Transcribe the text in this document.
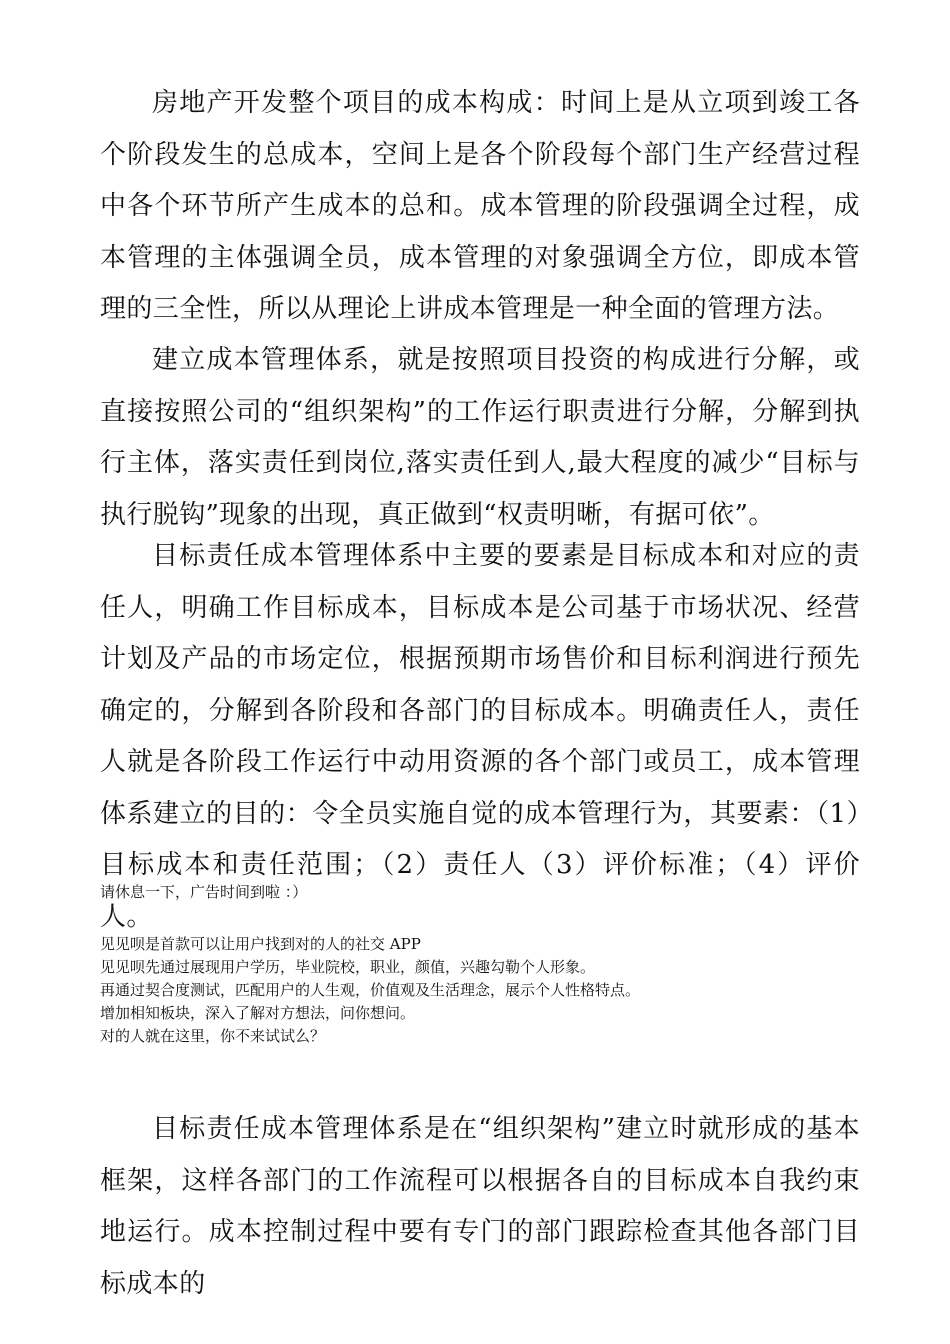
房地产开发整个项目的成本构成：时间上是从立项到竣工各个阶段发生的总成本，空间上是各个阶段每个部门生产经营过程中各个环节所产生成本的总和。成本管理的阶段强调全过程，成本管理的主体强调全员，成本管理的对象强调全方位，即成本管理的三全性，所以从理论上讲成本管理是一种全面的管理方法。

建立成本管理体系，就是按照项目投资的构成进行分解，或直接按照公司的“组织架构”的工作运行职责进行分解，分解到执行主体，落实责任到岗位,落实责任到人,最大程度的减少“目标与执行脱钩”现象的出现，真正做到“权责明晰，有据可依”。

目标责任成本管理体系中主要的要素是目标成本和对应的责任人，明确工作目标成本，目标成本是公司基于市场状况、经营计划及产品的市场定位，根据预期市场售价和目标利润进行预先确定的，分解到各阶段和各部门的目标成本。明确责任人，责任人就是各阶段工作运行中动用资源的各个部门或员工，成本管理体系建立的目的：令全员实施自觉的成本管理行为，其要素：（1）目标成本和责任范围；（2）责任人（3）评价标准；（4）评价人。

请休息一下，广告时间到啦 ：）

见见呗是首款可以让用户找到对的人的社交 APP
见见呗先通过展现用户学历，毕业院校，职业，颜值，兴趣勾勒个人形象。
再通过契合度测试，匹配用户的人生观，价值观及生活理念，展示个人性格特点。
增加相知板块，深入了解对方想法，问你想问。
对的人就在这里，你不来试试么？

目标责任成本管理体系是在“组织架构”建立时就形成的基本框架，这样各部门的工作流程可以根据各自的目标成本自我约束地运行。成本控制过程中要有专门的部门跟踪检查其他各部门目标成本的
